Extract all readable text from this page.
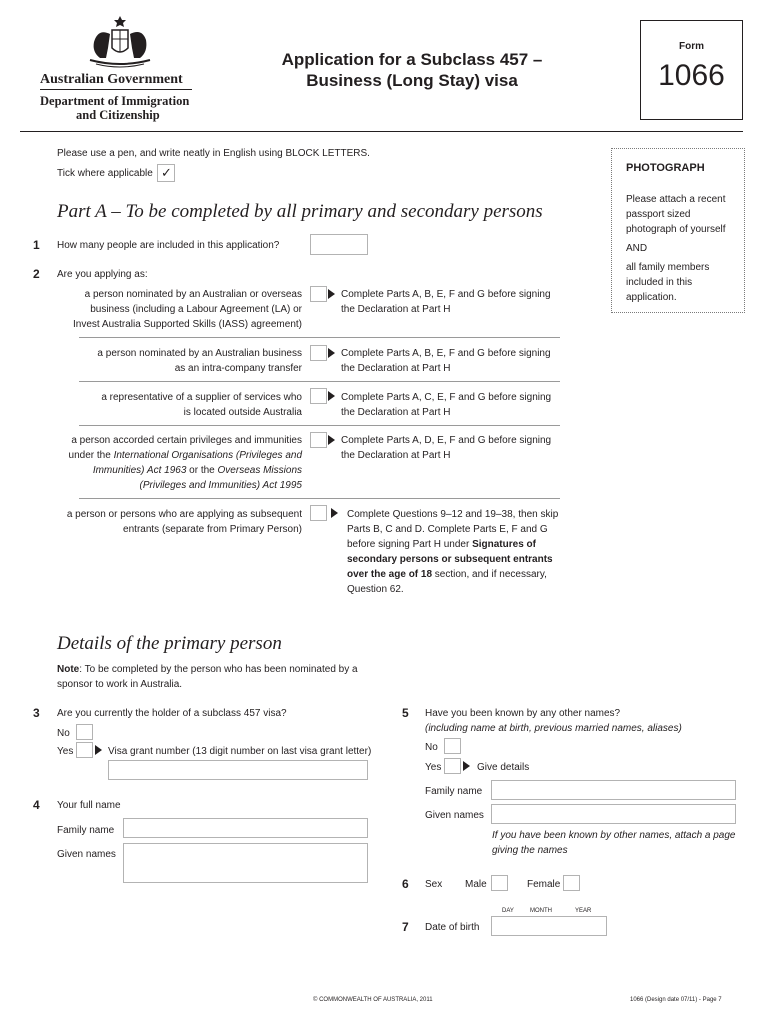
Australian Government
Department of Immigration
and Citizenship
Application for a Subclass 457 –
Business (Long Stay) visa
Form
1066
Please use a pen, and write neatly in English using BLOCK LETTERS.
Tick where applicable ✓	PHOTOGRAPH
Please attach a recent passport sized photograph of yourself
AND
all family members included in this application.
Part A – To be completed by all primary and secondary persons
1 How many people are included in this application?
2 Are you applying as:
a person nominated by an Australian or overseas
business (including a Labour Agreement (LA) or
Invest Australia Supported Skills (IASS) agreement)
Complete Parts A, B, E, F and G before signing
the Declaration at Part H
a person nominated by an Australian business
as an intra-company transfer
Complete Parts A, B, E, F and G before signing
the Declaration at Part H
a representative of a supplier of services who
is located outside Australia
Complete Parts A, C, E, F and G before signing
the Declaration at Part H
a person accorded certain privileges and immunities
under the International Organisations (Privileges and
Immunities) Act 1963 or the Overseas Missions
(Privileges and Immunities) Act 1995
Complete Parts A, D, E, F and G before signing
the Declaration at Part H
a person or persons who are applying as subsequent
entrants (separate from Primary Person)
Complete Questions 9–12 and 19–38, then skip
Parts B, C and D. Complete Parts E, F and G
before signing Part H under Signatures of
secondary persons or subsequent entrants
over the age of 18 section, and if necessary,
Question 62.
Details of the primary person
Note: To be completed by the person who has been nominated by a
sponsor to work in Australia.
3 Are you currently the holder of a subclass 457 visa?
No
Yes	Visa grant number (13 digit number on last visa grant letter)
4 Your full name
Family name
Given names
5 Have you been known by any other names?
(including name at birth, previous married names, aliases)
No
Yes	Give details
Family name
Given names
If you have been known by other names, attach a page
giving the names
6 Sex Male	Female
DAY	MONTH	YEAR
7 Date of birth
© COMMONWEALTH OF AUSTRALIA, 2011	1066 (Design date 07/11) - Page 7
